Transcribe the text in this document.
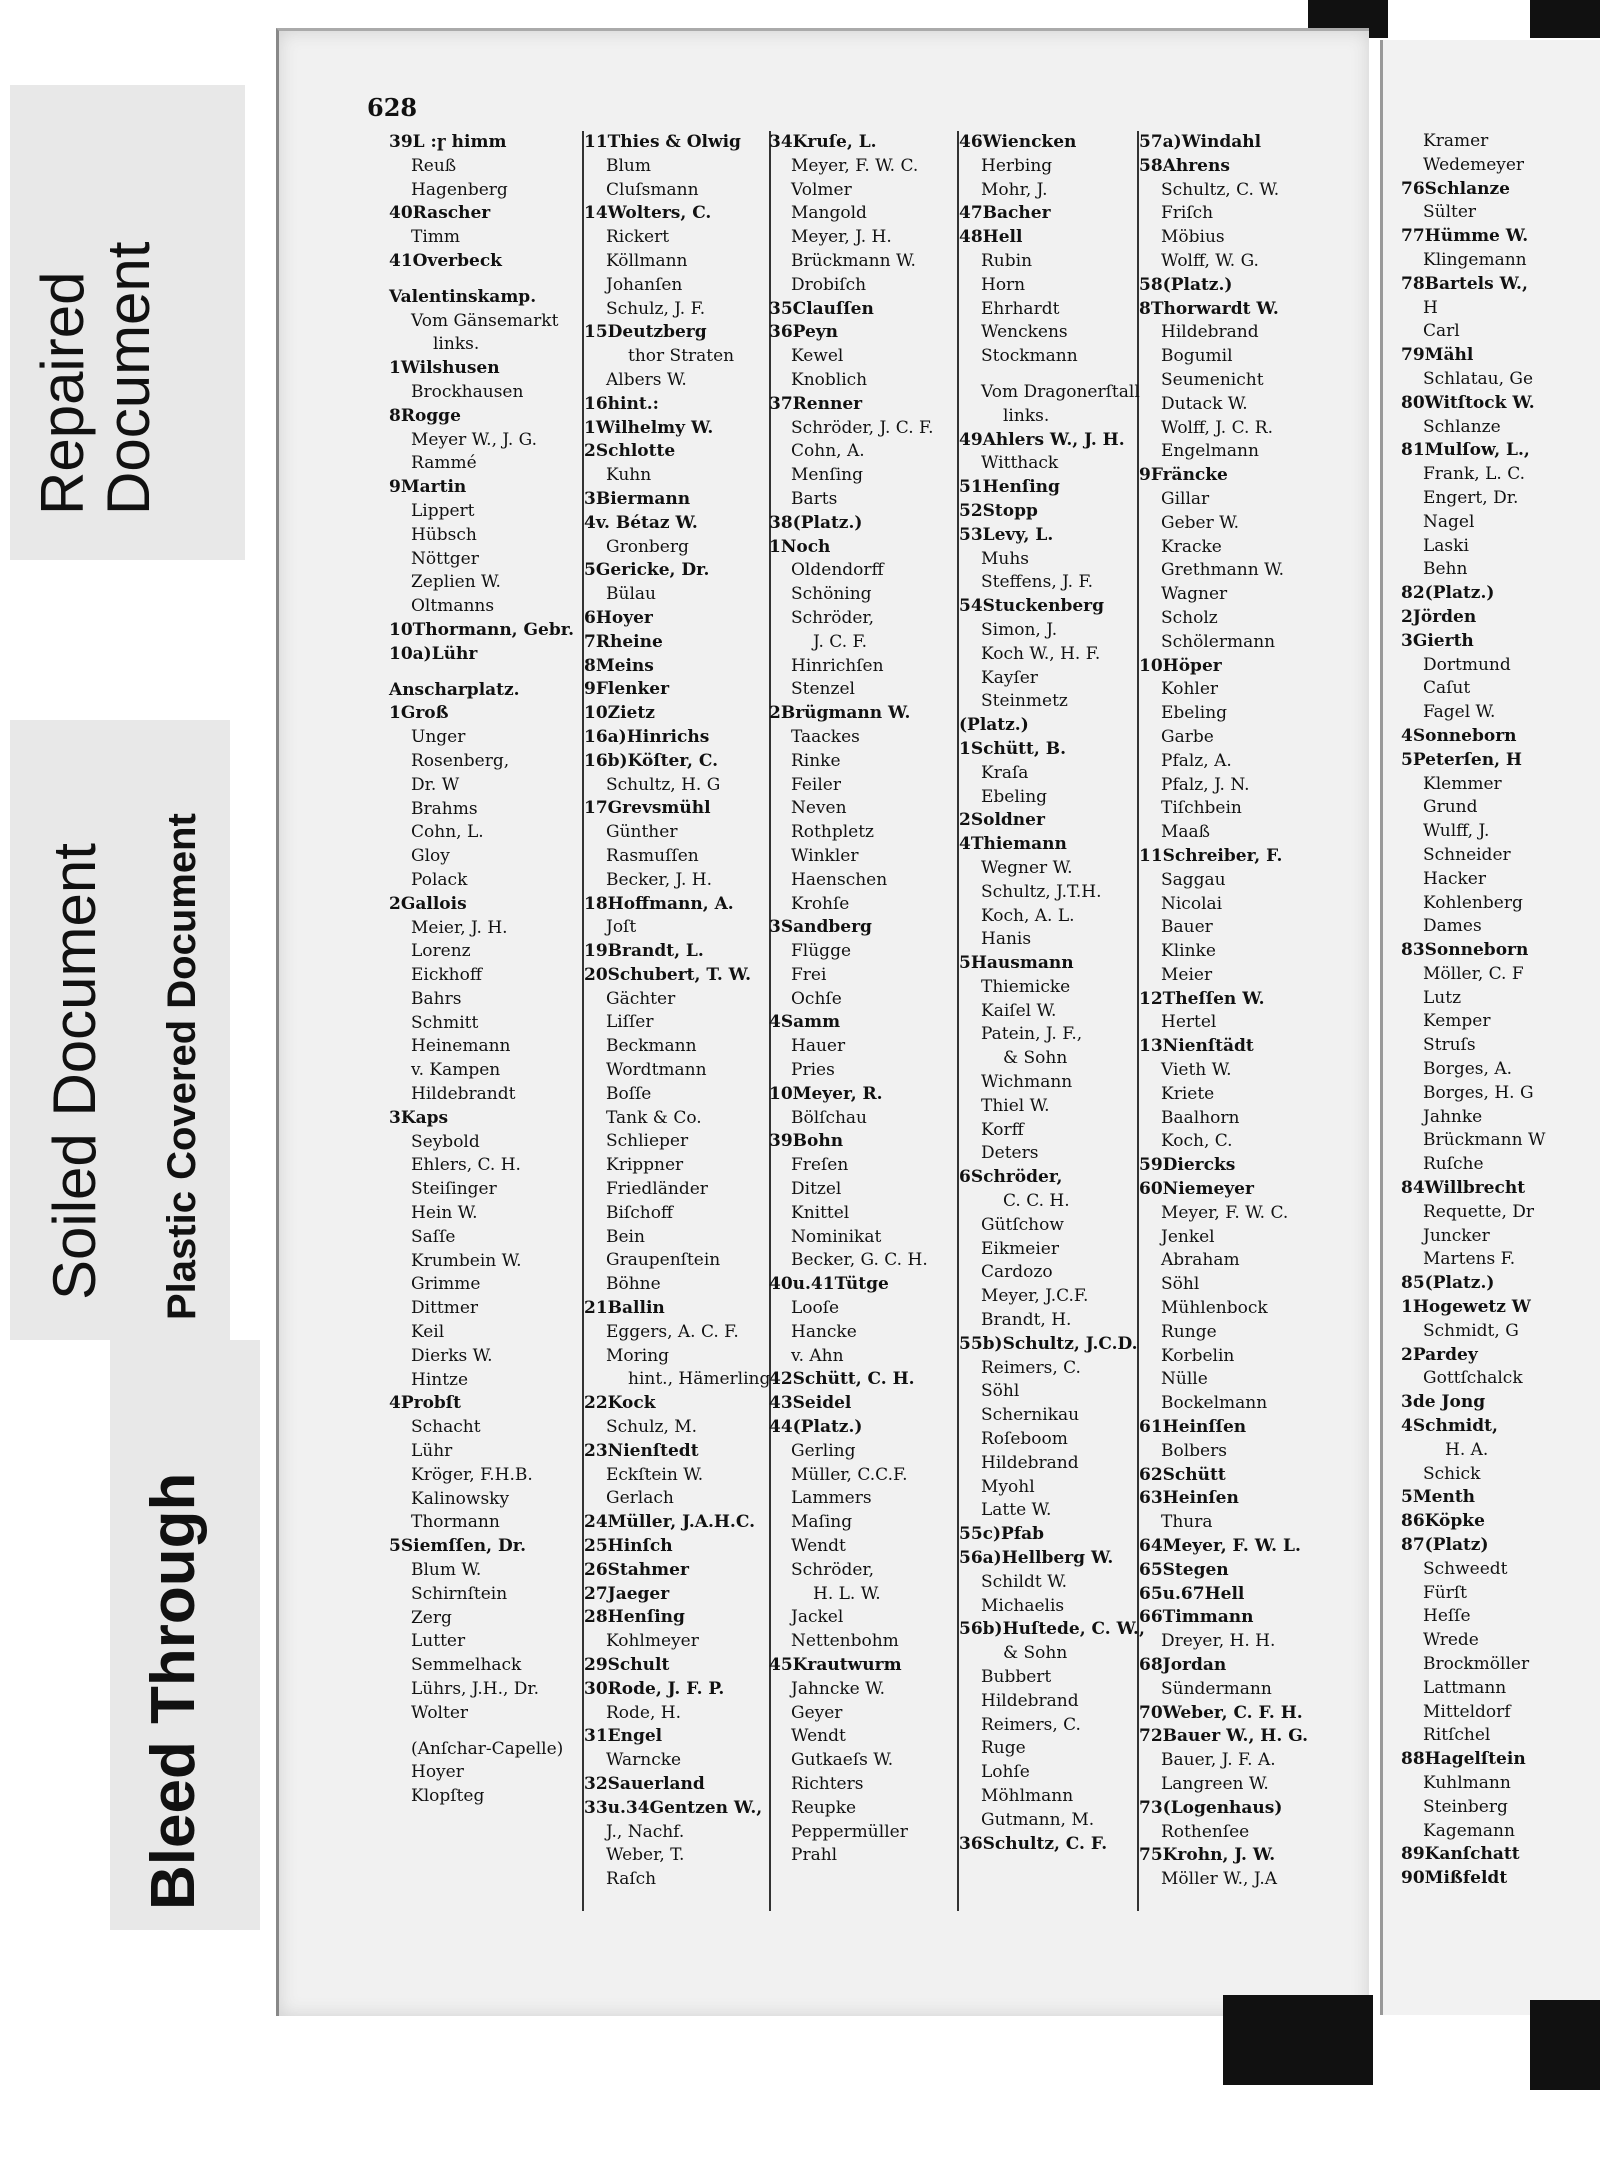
Repaired Document
Soiled Document Plastic Covered Document
Bleed Through
628
39L :ɼ himm
Reuß
Hagenberg
40Rascher
Timm
41Overbeck
Valentinskamp.
Vom Gänsemarkt
links.
1Wilshusen
Brockhausen
8Rogge
Meyer W., J. G.
Rammé
9Martin
Lippert
Hübsch
Nöttger
Zeplien W.
Oltmanns
10Thormann, Gebr.
10a)Lühr
Anscharplatz.
1Groß
Unger
Rosenberg,
Dr. W
Brahms
Cohn, L.
Gloy
Polack
2Gallois
Meier, J. H.
Lorenz
Eickhoff
Bahrs
Schmitt
Heinemann
v. Kampen
Hildebrandt
3Kaps
Seybold
Ehlers, C. H.
Steiſinger
Hein W.
Saſſe
Krumbein W.
Grimme
Dittmer
Keil
Dierks W.
Hintze
4Probſt
Schacht
Lühr
Kröger, F.H.B.
Kalinowsky
Thormann
5Siemſſen, Dr.
Blum W.
Schirnſtein
Zerg
Lutter
Semmelhack
Lührs, J.H., Dr.
Wolter
(Anſchar-Capelle)
Hoyer
Klopſteg
11Thies & Olwig
Blum
Cluſsmann
14Wolters, C.
Rickert
Köllmann
Johanſen
Schulz, J. F.
15Deutzberg
thor Straten
Albers W.
16hint.:
1Wilhelmy W.
2Schlotte
Kuhn
3Biermann
4v. Bétaz W.
Gronberg
5Gericke, Dr.
Bülau
6Hoyer
7Rheine
8Meins
9Flenker
10Zietz
16a)Hinrichs
16b)Köſter, C.
Schultz, H. G
17Grevsmühl
Günther
Rasmuſſen
Becker, J. H.
18Hoffmann, A.
Joſt
19Brandt, L.
20Schubert, T. W.
Gächter
Liſſer
Beckmann
Wordtmann
Boſſe
Tank & Co.
Schlieper
Krippner
Friedländer
Biſchoff
Bein
Graupenſtein
Böhne
21Ballin
Eggers, A. C. F.
Moring
hint., Hämerling
22Kock
Schulz, M.
23Nienſtedt
Eckſtein W.
Gerlach
24Müller, J.A.H.C.
25Hinſch
26Stahmer
27Jaeger
28Henſing
Kohlmeyer
29Schult
30Rode, J. F. P.
Rode, H.
31Engel
Warncke
32Sauerland
33u.34Gentzen W.,
J., Nachf.
Weber, T.
Raſch
34Kruſe, L.
Meyer, F. W. C.
Volmer
Mangold
Meyer, J. H.
Brückmann W.
Drobiſch
35Clauſſen
36Peyn
Kewel
Knoblich
37Renner
Schröder, J. C. F.
Cohn, A.
Menſing
Barts
38(Platz.)
1Noch
Oldendorff
Schöning
Schröder,
J. C. F.
Hinrichſen
Stenzel
2Brügmann W.
Taackes
Rinke
Feiler
Neven
Rothpletz
Winkler
Haenschen
Krohſe
3Sandberg
Flügge
Frei
Ochſe
4Samm
Hauer
Pries
10Meyer, R.
Bölſchau
39Bohn
Freſen
Ditzel
Knittel
Nominikat
Becker, G. C. H.
40u.41Tütge
Looſe
Hancke
v. Ahn
42Schütt, C. H.
43Seidel
44(Platz.)
Gerling
Müller, C.C.F.
Lammers
Maſing
Wendt
Schröder,
H. L. W.
Jackel
Nettenbohm
45Krautwurm
Jahncke W.
Geyer
Wendt
Gutkaeſs W.
Richters
Reupke
Peppermüller
Prahl
46Wiencken
Herbing
Mohr, J.
47Bacher
48Hell
Rubin
Horn
Ehrhardt
Wenckens
Stockmann
Vom Dragonerſtall
links.
49Ahlers W., J. H.
Witthack
51Henſing
52Stopp
53Levy, L.
Muhs
Steffens, J. F.
54Stuckenberg
Simon, J.
Koch W., H. F.
Kayſer
Steinmetz
(Platz.)
1Schütt, B.
Kraſa
Ebeling
2Soldner
4Thiemann
Wegner W.
Schultz, J.T.H.
Koch, A. L.
Hanis
5Hausmann
Thiemicke
Kaiſel W.
Patein, J. F.,
& Sohn
Wichmann
Thiel W.
Korff
Deters
6Schröder,
C. C. H.
Gütſchow
Eikmeier
Cardozo
Meyer, J.C.F.
Brandt, H.
55b)Schultz, J.C.D.
Reimers, C.
Söhl
Schernikau
Roſeboom
Hildebrand
Myohl
Latte W.
55c)Pfab
56a)Hellberg W.
Schildt W.
Michaelis
56b)Huſtede, C. W.,
& Sohn
Bubbert
Hildebrand
Reimers, C.
Ruge
Lohſe
Möhlmann
Gutmann, M.
36Schultz, C. F.
57a)Windahl
58Ahrens
Schultz, C. W.
Friſch
Möbius
Wolff, W. G.
58(Platz.)
8Thorwardt W.
Hildebrand
Bogumil
Seumenicht
Dutack W.
Wolff, J. C. R.
Engelmann
9Fräncke
Gillar
Geber W.
Kracke
Grethmann W.
Wagner
Scholz
Schölermann
10Höper
Kohler
Ebeling
Garbe
Pfalz, A.
Pfalz, J. N.
Tiſchbein
Maaß
11Schreiber, F.
Saggau
Nicolai
Bauer
Klinke
Meier
12Theſſen W.
Hertel
13Nienſtädt
Vieth W.
Kriete
Baalhorn
Koch, C.
59Diercks
60Niemeyer
Meyer, F. W. C.
Jenkel
Abraham
Söhl
Mühlenbock
Runge
Korbelin
Nülle
Bockelmann
61Heinſſen
Bolbers
62Schütt
63Heinſen
Thura
64Meyer, F. W. L.
65Stegen
65u.67Hell
66Timmann
Dreyer, H. H.
68Jordan
Sündermann
70Weber, C. F. H.
72Bauer W., H. G.
Bauer, J. F. A.
Langreen W.
73(Logenhaus)
Rothenſee
75Krohn, J. W.
Möller W., J.A
Kramer
Wedemeyer
76Schlanze
Sülter
77Hümme W.
Klingemann
78Bartels W.,
H
Carl
79Mähl
Schlatau, Ge
80Witſtock W.
Schlanze
81Mulſow, L.,
Frank, L. C.
Engert, Dr.
Nagel
Laski
Behn
82(Platz.)
2Jörden
3Gierth
Dortmund
Caſut
Fagel W.
4Sonneborn
5Peterſen, H
Klemmer
Grund
Wulff, J.
Schneider
Hacker
Kohlenberg
Dames
83Sonneborn
Möller, C. F
Lutz
Kemper
Struſs
Borges, A.
Borges, H. G
Jahnke
Brückmann W
Ruſche
84Willbrecht
Requette, Dr
Juncker
Martens F.
85(Platz.)
1Hogewetz W
Schmidt, G
2Pardey
Gottſchalck
3de Jong
4Schmidt,
H. A.
Schick
5Menth
86Köpke
87(Platz)
Schweedt
Fürſt
Heſſe
Wrede
Brockmöller
Lattmann
Mitteldorf
Ritſchel
88Hagelſtein
Kuhlmann
Steinberg
Kagemann
89Kanſchatt
90Mißfeldt
